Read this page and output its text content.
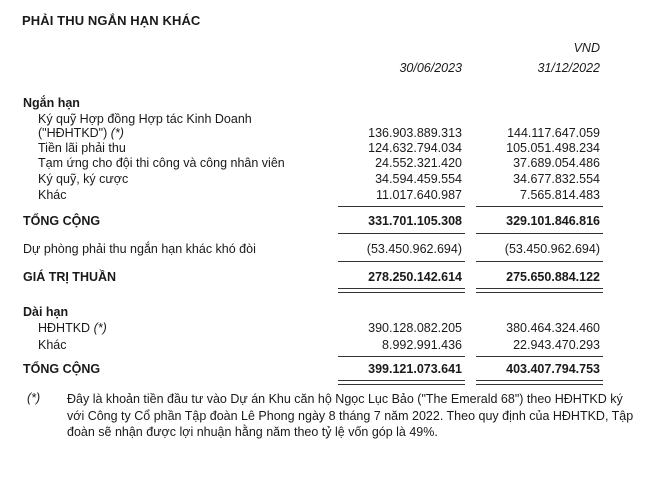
PHẢI THU NGẮN HẠN KHÁC
VND
30/06/2023	31/12/2022
Ngắn hạn
Ký quỹ Hợp đồng Hợp tác Kinh Doanh
("HĐHTKD") (*)	136.903.889.313	144.117.647.059
Tiền lãi phải thu	124.632.794.034	105.051.498.234
Tạm ứng cho đội thi công và công nhân viên	24.552.321.420	37.689.054.486
Ký quỹ, ký cược	34.594.459.554	34.677.832.554
Khác	11.017.640.987	7.565.814.483
TỔNG CỘNG	331.701.105.308	329.101.846.816
Dự phòng phải thu ngắn hạn khác khó đòi	(53.450.962.694)	(53.450.962.694)
GIÁ TRỊ THUẦN	278.250.142.614	275.650.884.122
Dài hạn
HĐHTKD (*)	390.128.082.205	380.464.324.460
Khác	8.992.991.436	22.943.470.293
TỔNG CỘNG	399.121.073.641	403.407.794.753
(*) Đây là khoản tiền đầu tư vào Dự án Khu căn hộ Ngọc Lục Bảo ("The Emerald 68") theo HĐHTKD ký với Công ty Cổ phần Tập đoàn Lê Phong ngày 8 tháng 7 năm 2022. Theo quy định của HĐHTKD, Tập đoàn sẽ nhận được lợi nhuận hằng năm theo tỷ lệ vốn góp là 49%.
